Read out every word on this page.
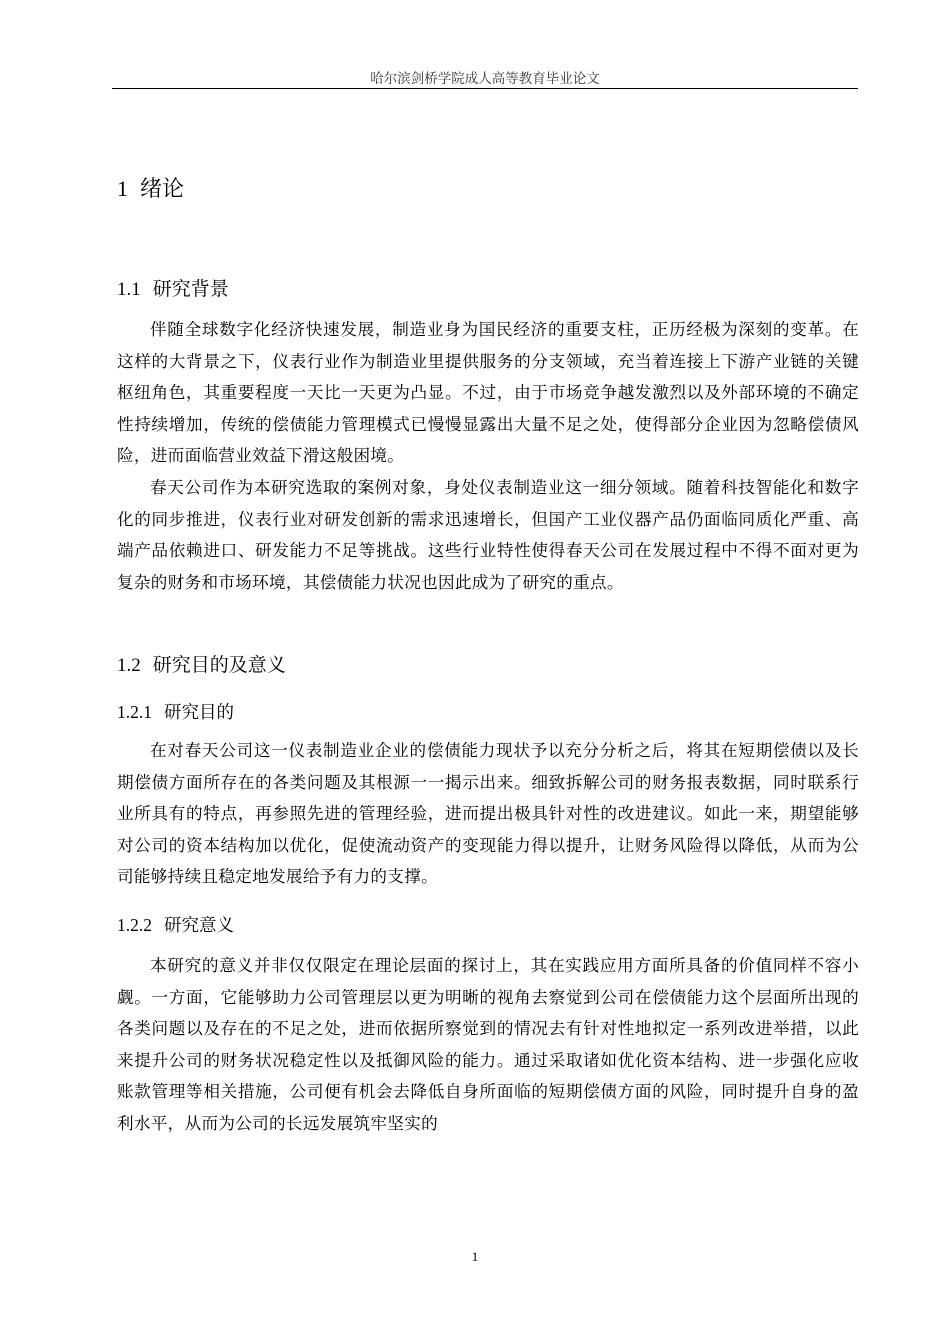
哈尔滨剑桥学院成人高等教育毕业论文
1 绪论
1.1 研究背景

伴随全球数字化经济快速发展，制造业身为国民经济的重要支柱，正历经极为深刻的变革。在这样的大背景之下，仪表行业作为制造业里提供服务的分支领域，充当着连接上下游产业链的关键枢纽角色，其重要程度一天比一天更为凸显。不过，由于市场竞争越发激烈以及外部环境的不确定性持续增加，传统的偿债能力管理模式已慢慢显露出大量不足之处，使得部分企业因为忽略偿债风险，进而面临营业效益下滑这般困境。

春天公司作为本研究选取的案例对象，身处仪表制造业这一细分领域。随着科技智能化和数字化的同步推进，仪表行业对研发创新的需求迅速增长，但国产工业仪器产品仍面临同质化严重、高端产品依赖进口、研发能力不足等挑战。这些行业特性使得春天公司在发展过程中不得不面对更为复杂的财务和市场环境，其偿债能力状况也因此成为了研究的重点。

1.2 研究目的及意义
1.2.1 研究目的

在对春天公司这一仪表制造业企业的偿债能力现状予以充分分析之后，将其在短期偿债以及长期偿债方面所存在的各类问题及其根源一一揭示出来。细致拆解公司的财务报表数据，同时联系行业所具有的特点，再参照先进的管理经验，进而提出极具针对性的改进建议。如此一来，期望能够对公司的资本结构加以优化，促使流动资产的变现能力得以提升，让财务风险得以降低，从而为公司能够持续且稳定地发展给予有力的支撑。

1.2.2 研究意义

本研究的意义并非仅仅限定在理论层面的探讨上，其在实践应用方面所具备的价值同样不容小觑。一方面，它能够助力公司管理层以更为明晰的视角去察觉到公司在偿债能力这个层面所出现的各类问题以及存在的不足之处，进而依据所察觉到的情况去有针对性地拟定一系列改进举措，以此来提升公司的财务状况稳定性以及抵御风险的能力。通过采取诸如优化资本结构、进一步强化应收账款管理等相关措施，公司便有机会去降低自身所面临的短期偿债方面的风险，同时提升自身的盈利水平，从而为公司的长远发展筑牢坚实的

1
